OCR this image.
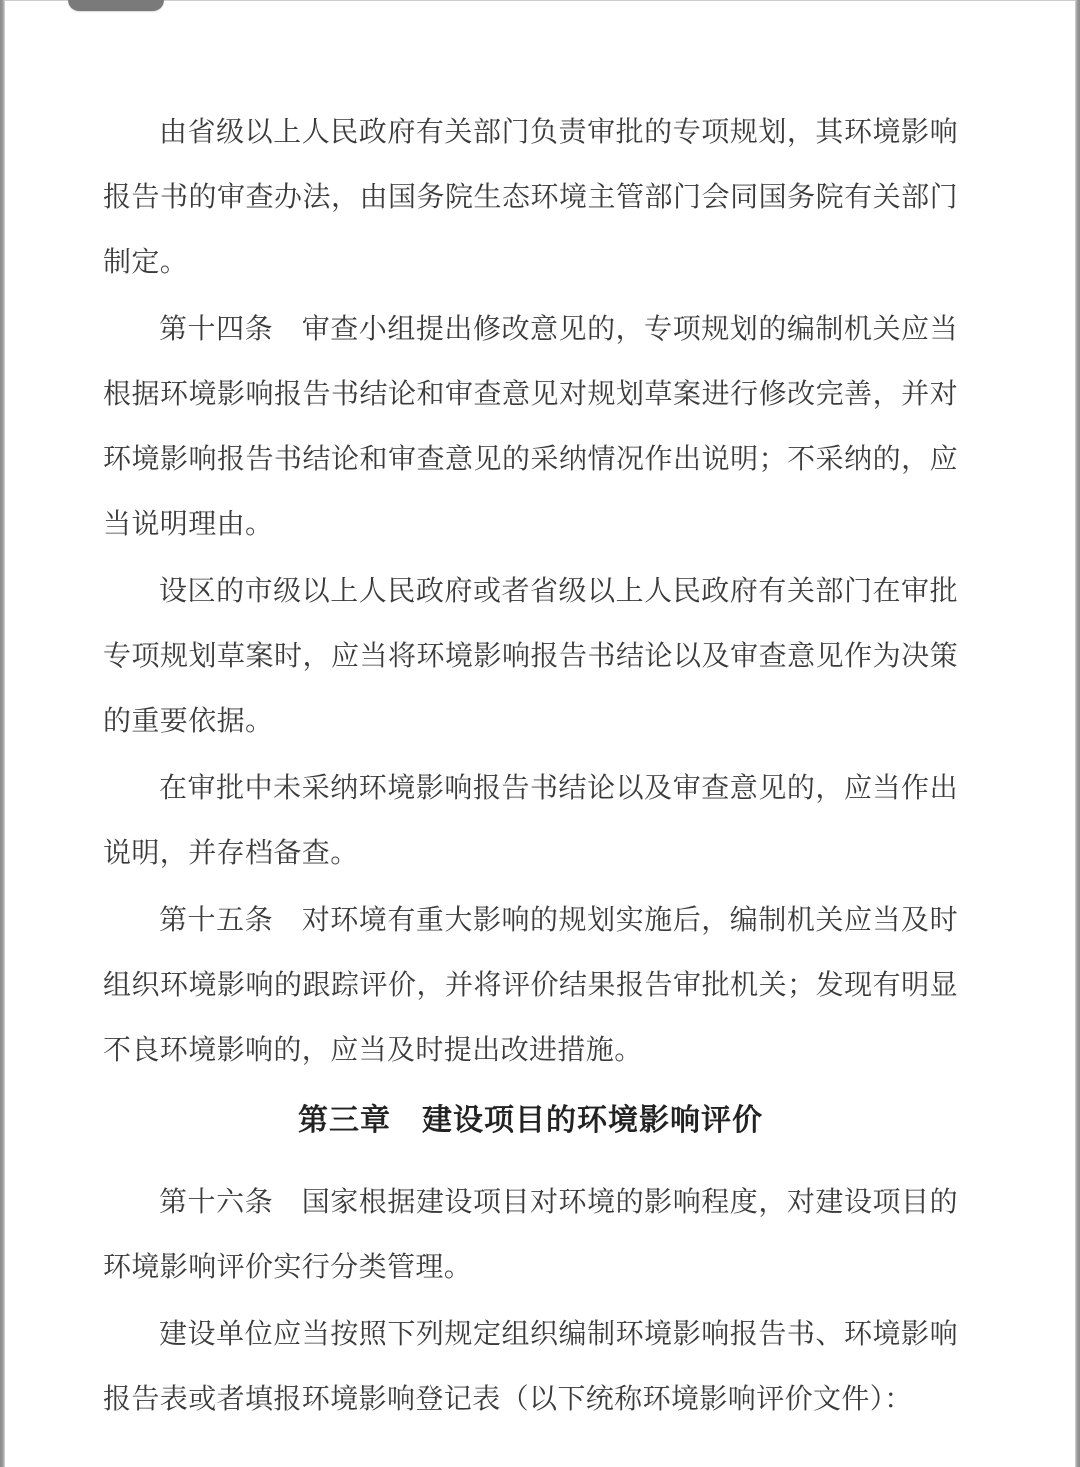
由省级以上人民政府有关部门负责审批的专项规划，其环境影响报告书的审查办法，由国务院生态环境主管部门会同国务院有关部门制定。

第十四条　审查小组提出修改意见的，专项规划的编制机关应当根据环境影响报告书结论和审查意见对规划草案进行修改完善，并对环境影响报告书结论和审查意见的采纳情况作出说明；不采纳的，应当说明理由。

设区的市级以上人民政府或者省级以上人民政府有关部门在审批专项规划草案时，应当将环境影响报告书结论以及审查意见作为决策的重要依据。

在审批中未采纳环境影响报告书结论以及审查意见的，应当作出说明，并存档备查。

第十五条　对环境有重大影响的规划实施后，编制机关应当及时组织环境影响的跟踪评价，并将评价结果报告审批机关；发现有明显不良环境影响的，应当及时提出改进措施。

第三章　建设项目的环境影响评价

第十六条　国家根据建设项目对环境的影响程度，对建设项目的环境影响评价实行分类管理。

建设单位应当按照下列规定组织编制环境影响报告书、环境影响报告表或者填报环境影响登记表（以下统称环境影响评价文件）：
